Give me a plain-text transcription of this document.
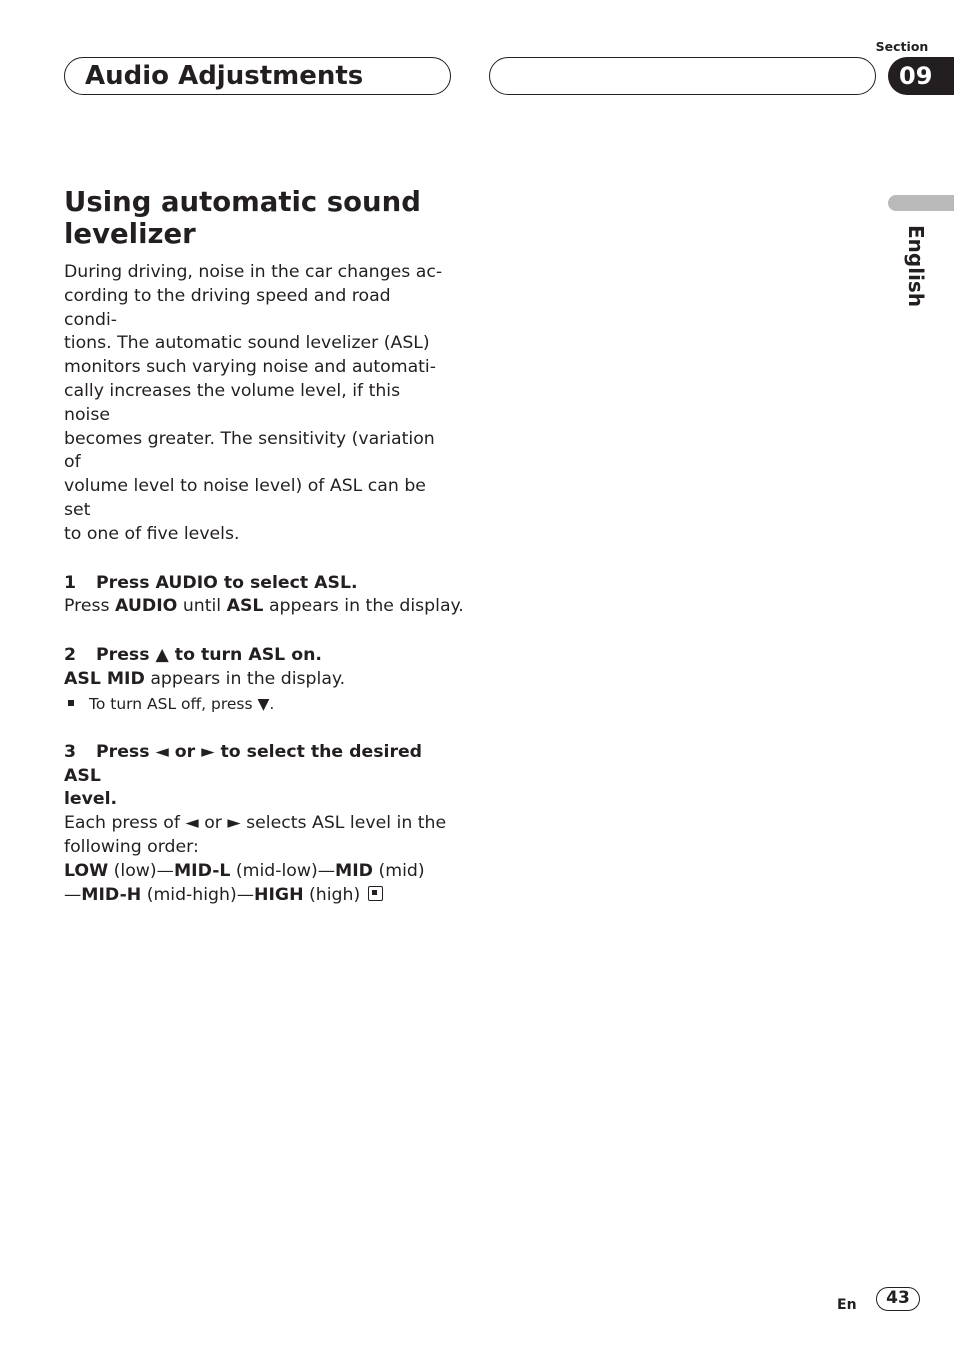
Audio Adjustments
Section
09
English
Using automatic sound
levelizer

During driving, noise in the car changes ac-
cording to the driving speed and road condi-
tions. The automatic sound levelizer (ASL)
monitors such varying noise and automati-
cally increases the volume level, if this noise
becomes greater. The sensitivity (variation of
volume level to noise level) of ASL can be set
to one of five levels.

1 Press AUDIO to select ASL.

Press AUDIO until ASL appears in the display.

2 Press ▲ to turn ASL on.

ASL MID appears in the display.

To turn ASL off, press ▼.

3 Press ◄ or ► to select the desired ASL
level.

Each press of ◄ or ► selects ASL level in the
following order:
LOW (low)—MID-L (mid-low)—MID (mid)
—MID-H (mid-high)—HIGH (high)

En	43
